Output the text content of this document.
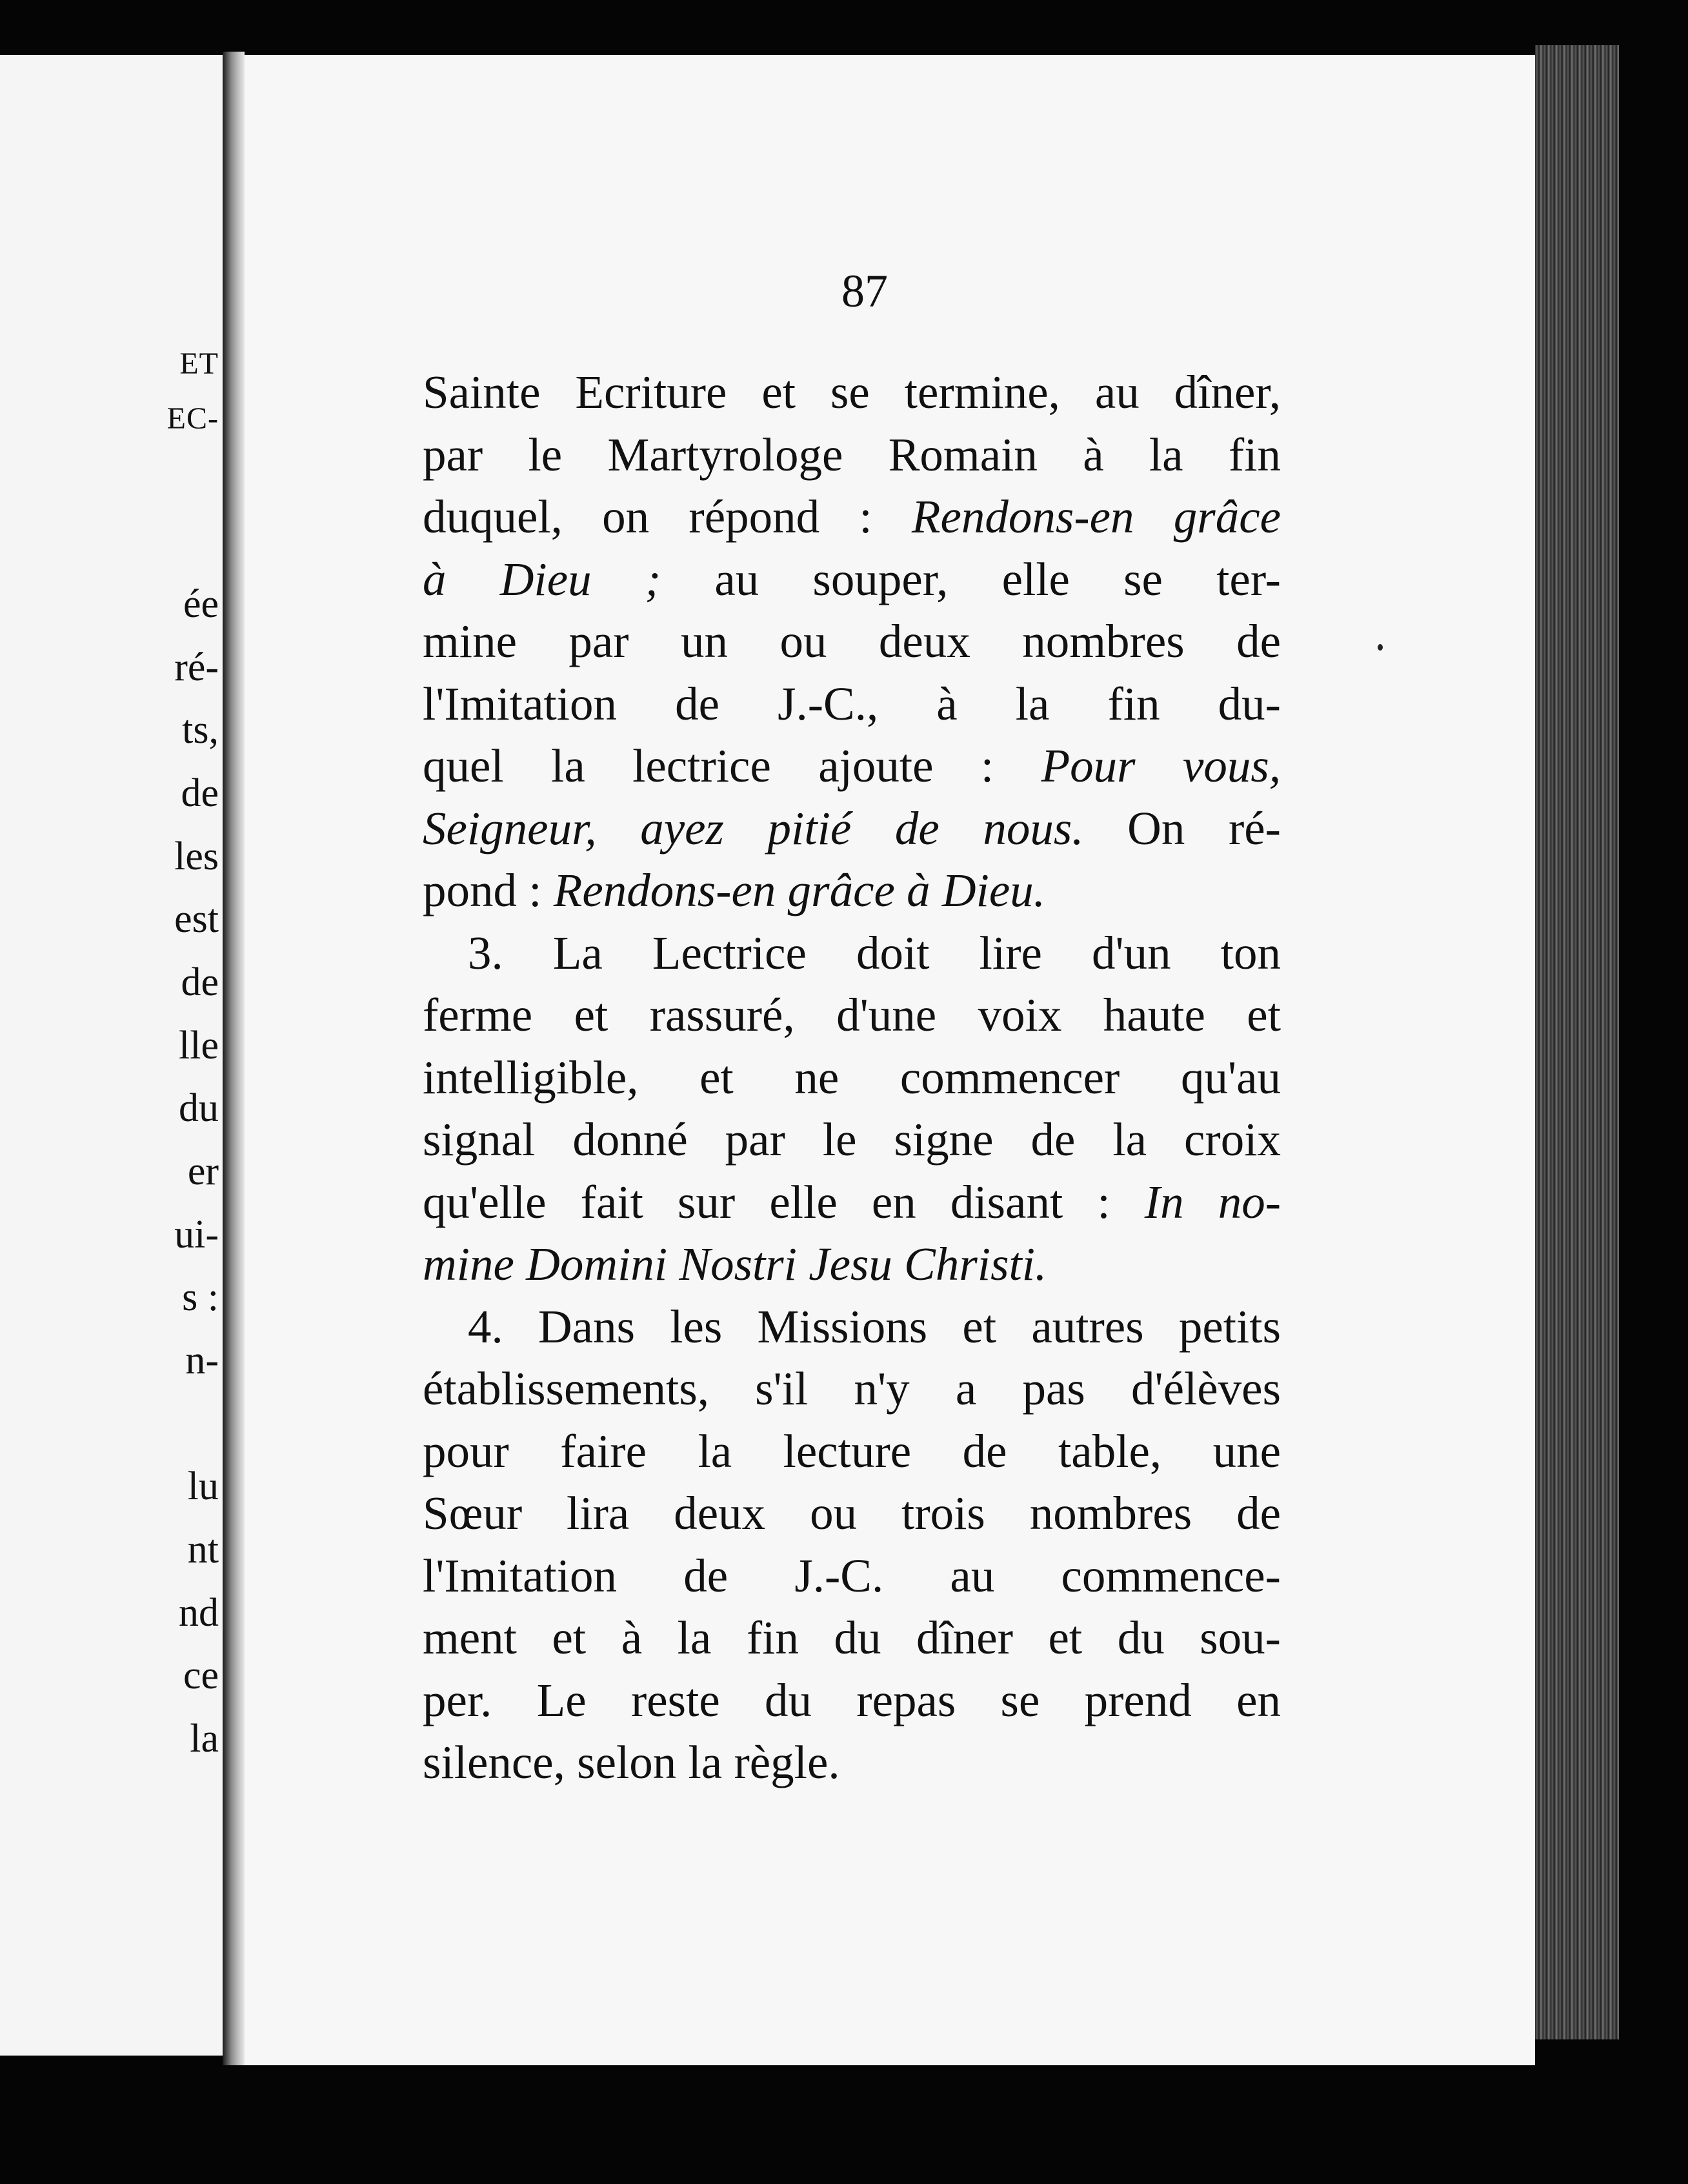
ET

EC-

ée

ré-

ts,

de

les

est

de

lle

du

er

ui-

s :

n-

lu

nt

nd

ce

la

87
Sainte Ecriture et se termine, au dîner,
par le Martyrologe Romain à la fin
duquel, on répond : Rendons-en grâce
à Dieu ; au souper, elle se ter-
mine par un ou deux nombres de
l'Imitation de J.-C., à la fin du-
quel la lectrice ajoute : Pour vous,
Seigneur, ayez pitié de nous. On ré-
pond : Rendons-en grâce à Dieu.
3. La Lectrice doit lire d'un ton
ferme et rassuré, d'une voix haute et
intelligible, et ne commencer qu'au
signal donné par le signe de la croix
qu'elle fait sur elle en disant : In no-
mine Domini Nostri Jesu Christi.
4. Dans les Missions et autres petits
établissements, s'il n'y a pas d'élèves
pour faire la lecture de table, une
Sœur lira deux ou trois nombres de
l'Imitation de J.-C. au commence-
ment et à la fin du dîner et du sou-
per. Le reste du repas se prend en
silence, selon la règle.
